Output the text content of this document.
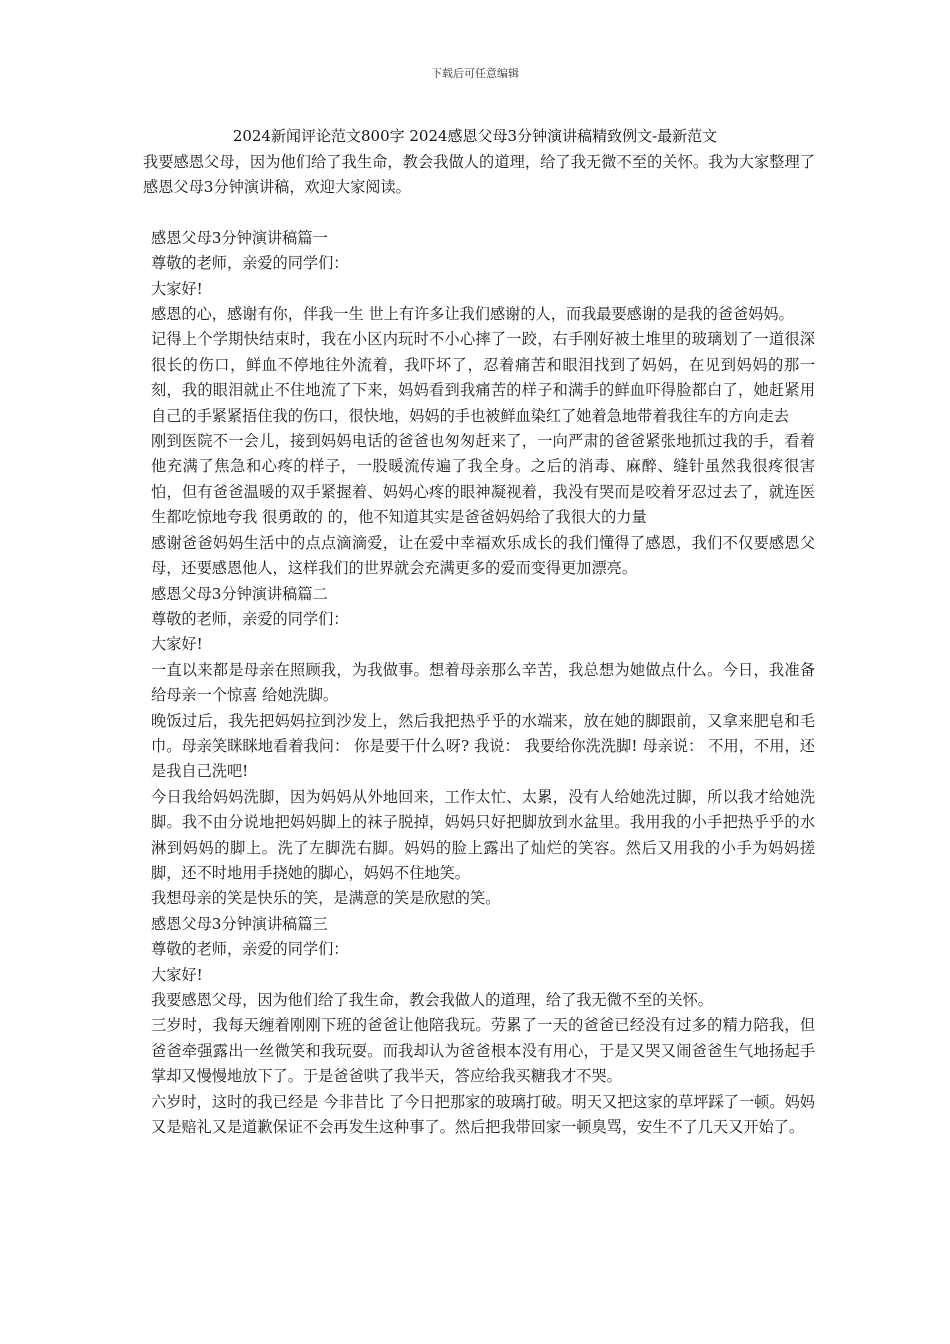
下载后可任意编辑
2024新闻评论范文800字 2024感恩父母3分钟演讲稿精致例文-最新范文

我要感恩父母，因为他们给了我生命，教会我做人的道理，给了我无微不至的关怀。我为大家整理了感恩父母3分钟演讲稿，欢迎大家阅读。

感恩父母3分钟演讲稿篇一

尊敬的老师，亲爱的同学们：

大家好!

感恩的心，感谢有你，伴我一生 世上有许多让我们感谢的人，而我最要感谢的是我的爸爸妈妈。

记得上个学期快结束时，我在小区内玩时不小心摔了一跤，右手刚好被土堆里的玻璃划了一道很深很长的伤口，鲜血不停地往外流着，我吓坏了，忍着痛苦和眼泪找到了妈妈，在见到妈妈的那一刻，我的眼泪就止不住地流了下来，妈妈看到我痛苦的样子和满手的鲜血吓得脸都白了，她赶紧用自己的手紧紧捂住我的伤口，很快地，妈妈的手也被鲜血染红了她着急地带着我往车的方向走去

刚到医院不一会儿，接到妈妈电话的爸爸也匆匆赶来了，一向严肃的爸爸紧张地抓过我的手，看着他充满了焦急和心疼的样子，一股暖流传遍了我全身。之后的消毒、麻醉、缝针虽然我很疼很害怕，但有爸爸温暖的双手紧握着、妈妈心疼的眼神凝视着，我没有哭而是咬着牙忍过去了，就连医生都吃惊地夸我 很勇敢的 的，他不知道其实是爸爸妈妈给了我很大的力量

感谢爸爸妈妈生活中的点点滴滴爱，让在爱中幸福欢乐成长的我们懂得了感恩，我们不仅要感恩父母，还要感恩他人，这样我们的世界就会充满更多的爱而变得更加漂亮。

感恩父母3分钟演讲稿篇二

尊敬的老师，亲爱的同学们：

大家好!

一直以来都是母亲在照顾我，为我做事。想着母亲那么辛苦，我总想为她做点什么。今日，我准备给母亲一个惊喜 给她洗脚。

晚饭过后，我先把妈妈拉到沙发上，然后我把热乎乎的水端来，放在她的脚跟前，又拿来肥皂和毛巾。母亲笑眯眯地看着我问： 你是要干什么呀? 我说： 我要给你洗洗脚! 母亲说： 不用，不用，还是我自己洗吧!

今日我给妈妈洗脚，因为妈妈从外地回来，工作太忙、太累，没有人给她洗过脚，所以我才给她洗脚。我不由分说地把妈妈脚上的袜子脱掉，妈妈只好把脚放到水盆里。我用我的小手把热乎乎的水淋到妈妈的脚上。洗了左脚洗右脚。妈妈的脸上露出了灿烂的笑容。然后又用我的小手为妈妈搓脚，还不时地用手挠她的脚心，妈妈不住地笑。

我想母亲的笑是快乐的笑，是满意的笑是欣慰的笑。

感恩父母3分钟演讲稿篇三

尊敬的老师，亲爱的同学们：

大家好!

我要感恩父母，因为他们给了我生命，教会我做人的道理，给了我无微不至的关怀。

三岁时，我每天缠着刚刚下班的爸爸让他陪我玩。劳累了一天的爸爸已经没有过多的精力陪我，但爸爸牵强露出一丝微笑和我玩耍。而我却认为爸爸根本没有用心，于是又哭又闹爸爸生气地扬起手掌却又慢慢地放下了。于是爸爸哄了我半天，答应给我买糖我才不哭。

六岁时，这时的我已经是 今非昔比 了今日把那家的玻璃打破。明天又把这家的草坪踩了一顿。妈妈又是赔礼又是道歉保证不会再发生这种事了。然后把我带回家一顿臭骂，安生不了几天又开始了。
